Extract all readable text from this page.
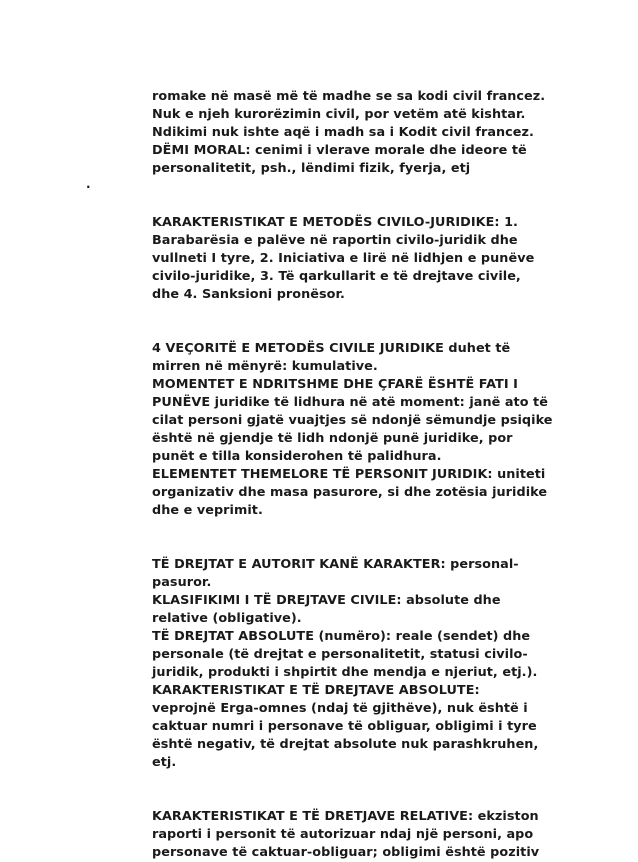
·
romake në masë më të madhe se sa kodi civil francez.
Nuk e njeh kurorëzimin civil, por vetëm atë kishtar.
Ndikimi nuk ishte aqë i madh sa i Kodit civil francez.
DËMI MORAL: cenimi i vlerave morale dhe ideore të
personalitetit, psh., lëndimi fizik, fyerja, etj
KARAKTERISTIKAT E METODËS CIVILO-JURIDIKE: 1.
Barabarësia e palëve në raportin civilo-juridik dhe
vullneti I tyre, 2. Iniciativa e lirë në lidhjen e punëve
civilo-juridike, 3. Të qarkullarit e të drejtave civile,
dhe 4. Sanksioni pronësor.
4 VEÇORITË E METODËS CIVILE JURIDIKE duhet të
mirren në mënyrë: kumulative.
MOMENTET E NDRITSHME DHE ÇFARË ËSHTË FATI I
PUNËVE juridike të lidhura në atë moment: janë ato të
cilat personi gjatë vuajtjes së ndonjë sëmundje psiqike
është në gjendje të lidh ndonjë punë juridike, por
punët e tilla konsiderohen të palidhura.
ELEMENTET THEMELORE TË PERSONIT JURIDIK: uniteti
organizativ dhe masa pasurore, si dhe zotësia juridike
dhe e veprimit.
TË DREJTAT E AUTORIT KANË KARAKTER: personal-
pasuror.
KLASIFIKIMI I TË DREJTAVE CIVILE: absolute dhe
relative (obligative).
TË DREJTAT ABSOLUTE (numëro): reale (sendet) dhe
personale (të drejtat e personalitetit, statusi civilo-
juridik, produkti i shpirtit dhe mendja e njeriut, etj.).
KARAKTERISTIKAT E TË DREJTAVE ABSOLUTE:
veprojnë Erga-omnes (ndaj të gjithëve), nuk është i
caktuar numri i personave të obliguar, obligimi i tyre
është negativ, të drejtat absolute nuk parashkruhen,
etj.
KARAKTERISTIKAT E TË DRETJAVE RELATIVE: ekziston
raporti i personit të autorizuar ndaj një personi, apo
personave të caktuar-obliguar; obligimi është pozitiv
